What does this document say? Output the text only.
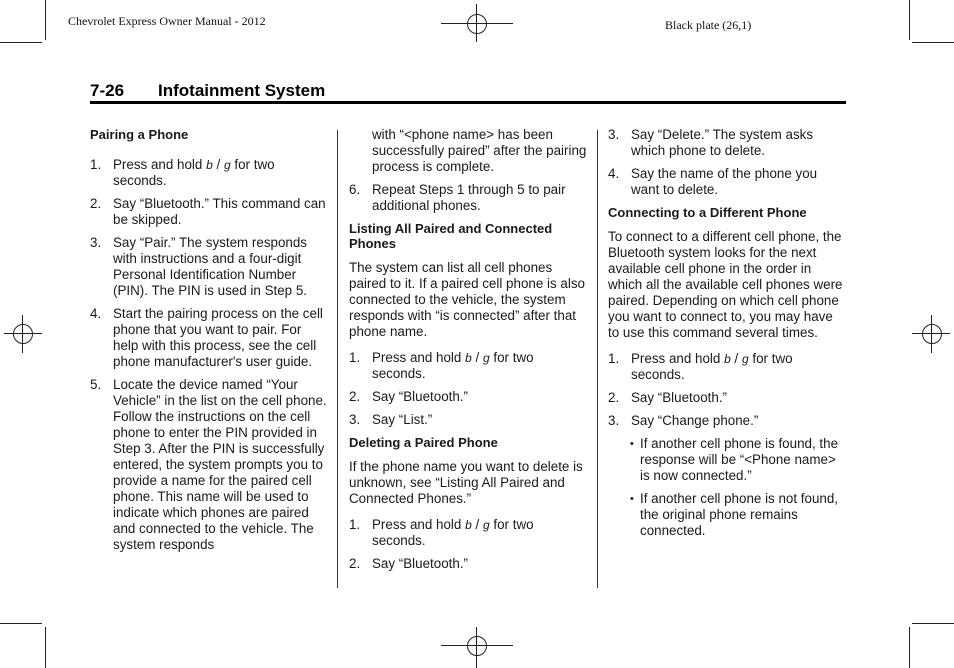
Chevrolet Express Owner Manual - 2012	Black plate (26,1)
7-26 Infotainment System
Pairing a Phone
1. Press and hold b / g for two seconds.
2. Say “Bluetooth.” This command can be skipped.
3. Say “Pair.” The system responds with instructions and a four-digit Personal Identification Number (PIN). The PIN is used in Step 5.
4. Start the pairing process on the cell phone that you want to pair. For help with this process, see the cell phone manufacturer's user guide.
5. Locate the device named “Your Vehicle” in the list on the cell phone. Follow the instructions on the cell phone to enter the PIN provided in Step 3. After the PIN is successfully entered, the system prompts you to provide a name for the paired cell phone. This name will be used to indicate which phones are paired and connected to the vehicle. The system responds
with “<phone name> has been successfully paired” after the pairing process is complete.
6. Repeat Steps 1 through 5 to pair additional phones.
Listing All Paired and Connected Phones

The system can list all cell phones paired to it. If a paired cell phone is also connected to the vehicle, the system responds with “is connected” after that phone name.

1. Press and hold b / g for two seconds.
2. Say “Bluetooth.”
3. Say “List.”
Deleting a Paired Phone

If the phone name you want to delete is unknown, see “Listing All Paired and Connected Phones.”

1. Press and hold b / g for two seconds.
2. Say “Bluetooth.”
3. Say “Delete.” The system asks which phone to delete.
4. Say the name of the phone you want to delete.
Connecting to a Different Phone

To connect to a different cell phone, the Bluetooth system looks for the next available cell phone in the order in which all the available cell phones were paired. Depending on which cell phone you want to connect to, you may have to use this command several times.

1. Press and hold b / g for two seconds.
2. Say “Bluetooth.”
3. Say “Change phone.”
• If another cell phone is found, the response will be “<Phone name> is now connected.”
• If another cell phone is not found, the original phone remains connected.
